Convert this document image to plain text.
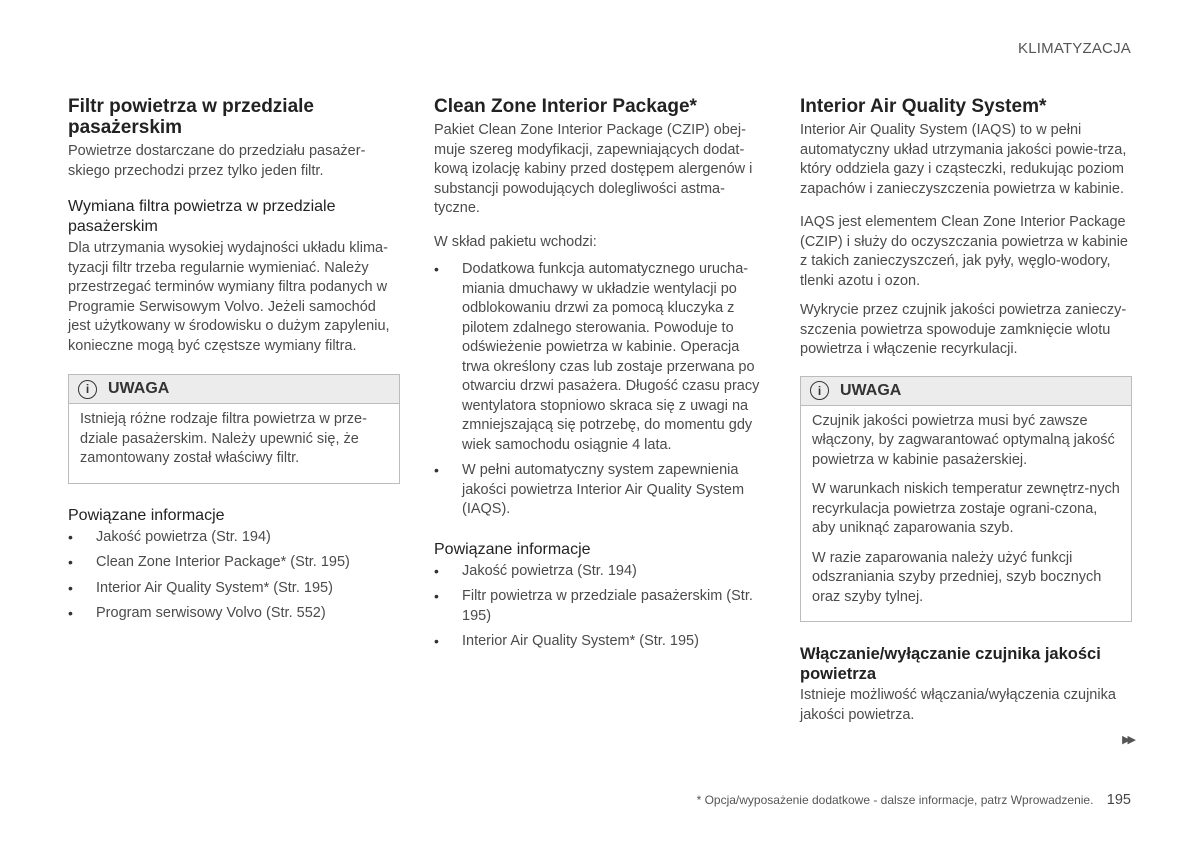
KLIMATYZACJA
Filtr powietrza w przedziale pasażerskim

Powietrze dostarczane do przedziału pasażer-skiego przechodzi przez tylko jeden filtr.

Wymiana filtra powietrza w przedziale pasażerskim

Dla utrzymania wysokiej wydajności układu klima-tyzacji filtr trzeba regularnie wymieniać. Należy przestrzegać terminów wymiany filtra podanych w Programie Serwisowym Volvo. Jeżeli samochód jest użytkowany w środowisku o dużym zapyleniu, konieczne mogą być częstsze wymiany filtra.

i	UWAGA

Istnieją różne rodzaje filtra powietrza w prze-dziale pasażerskim. Należy upewnić się, że zamontowany został właściwy filtr.

Powiązane informacje
• Jakość powietrza (Str. 194)
• Clean Zone Interior Package* (Str. 195)
• Interior Air Quality System* (Str. 195)
• Program serwisowy Volvo (Str. 552)
Clean Zone Interior Package*

Pakiet Clean Zone Interior Package (CZIP) obej-muje szereg modyfikacji, zapewniających dodat-kową izolację kabiny przed dostępem alergenów i substancji powodujących dolegliwości astma-tyczne.

W skład pakietu wchodzi:

• Dodatkowa funkcja automatycznego urucha-miania dmuchawy w układzie wentylacji po odblokowaniu drzwi za pomocą kluczyka z pilotem zdalnego sterowania. Powoduje to odświeżenie powietrza w kabinie. Operacja trwa określony czas lub zostaje przerwana po otwarciu drzwi pasażera. Długość czasu pracy wentylatora stopniowo skraca się z uwagi na zmniejszającą się potrzebę, do momentu gdy wiek samochodu osiągnie 4 lata.
• W pełni automatyczny system zapewnienia jakości powietrza Interior Air Quality System (IAQS).
Powiązane informacje
• Jakość powietrza (Str. 194)
• Filtr powietrza w przedziale pasażerskim (Str. 195)
• Interior Air Quality System* (Str. 195)
Interior Air Quality System*

Interior Air Quality System (IAQS) to w pełni automatyczny układ utrzymania jakości powie-trza, który oddziela gazy i cząsteczki, redukując poziom zapachów i zanieczyszczenia powietrza w kabinie.

IAQS jest elementem Clean Zone Interior Package (CZIP) i służy do oczyszczania powietrza w kabinie z takich zanieczyszczeń, jak pyły, węglo-wodory, tlenki azotu i ozon.

Wykrycie przez czujnik jakości powietrza zanieczy-szczenia powietrza spowoduje zamknięcie wlotu powietrza i włączenie recyrkulacji.

i	UWAGA

Czujnik jakości powietrza musi być zawsze włączony, by zagwarantować optymalną jakość powietrza w kabinie pasażerskiej.

W warunkach niskich temperatur zewnętrz-nych recyrkulacja powietrza zostaje ograni-czona, aby uniknąć zaparowania szyb.

W razie zaparowania należy użyć funkcji odszraniania szyby przedniej, szyb bocznych oraz szyby tylnej.

Włączanie/wyłączanie czujnika jakości powietrza

Istnieje możliwość włączania/wyłączenia czujnika jakości powietrza.

▶▶
* Opcja/wyposażenie dodatkowe - dalsze informacje, patrz Wprowadzenie. 195
